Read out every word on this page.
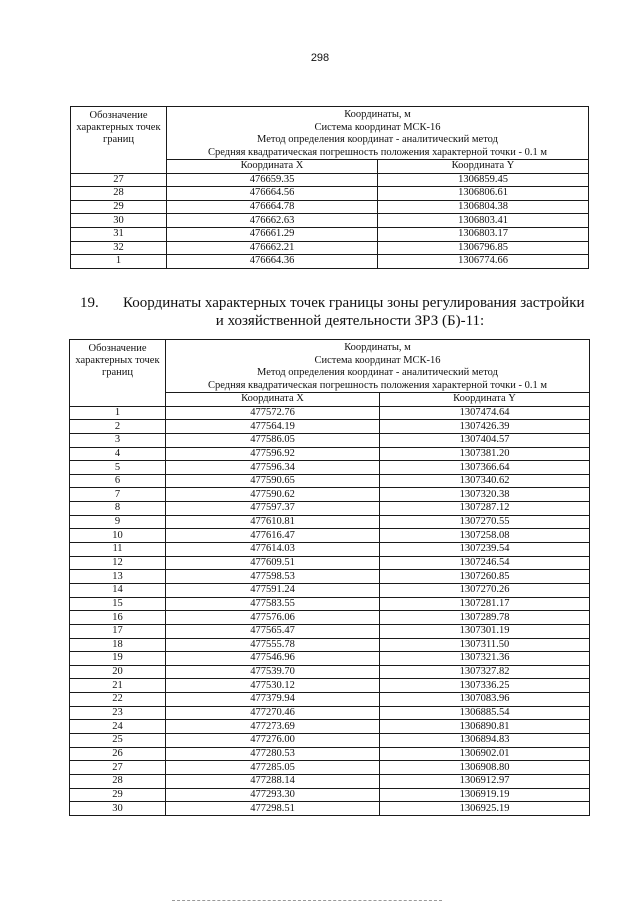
298
Обозначение характерных точек границ	Координаты, м
Система координат МСК-16
Метод определения координат - аналитический метод
Средняя квадратическая погрешность положения характерной точки - 0.1 м	

	Координата X	Координата Y
27	476659.35	1306859.45
28	476664.56	1306806.61
29	476664.78	1306804.38
30	476662.63	1306803.41
31	476661.29	1306803.17
32	476662.21	1306796.85
1	476664.36	1306774.66
19. Координаты характерных точек границы зоны регулирования застройки
и хозяйственной деятельности ЗРЗ (Б)-11:
Обозначение характерных точек границ	Координаты, м
Система координат МСК-16
Метод определения координат - аналитический метод
Средняя квадратическая погрешность положения характерной точки - 0.1 м	

	Координата X	Координата Y
1	477572.76	1307474.64
2	477564.19	1307426.39
3	477586.05	1307404.57
4	477596.92	1307381.20
5	477596.34	1307366.64
6	477590.65	1307340.62
7	477590.62	1307320.38
8	477597.37	1307287.12
9	477610.81	1307270.55
10	477616.47	1307258.08
11	477614.03	1307239.54
12	477609.51	1307246.54
13	477598.53	1307260.85
14	477591.24	1307270.26
15	477583.55	1307281.17
16	477576.06	1307289.78
17	477565.47	1307301.19
18	477555.78	1307311.50
19	477546.96	1307321.36
20	477539.70	1307327.82
21	477530.12	1307336.25
22	477379.94	1307083.96
23	477270.46	1306885.54
24	477273.69	1306890.81
25	477276.00	1306894.83
26	477280.53	1306902.01
27	477285.05	1306908.80
28	477288.14	1306912.97
29	477293.30	1306919.19
30	477298.51	1306925.19
